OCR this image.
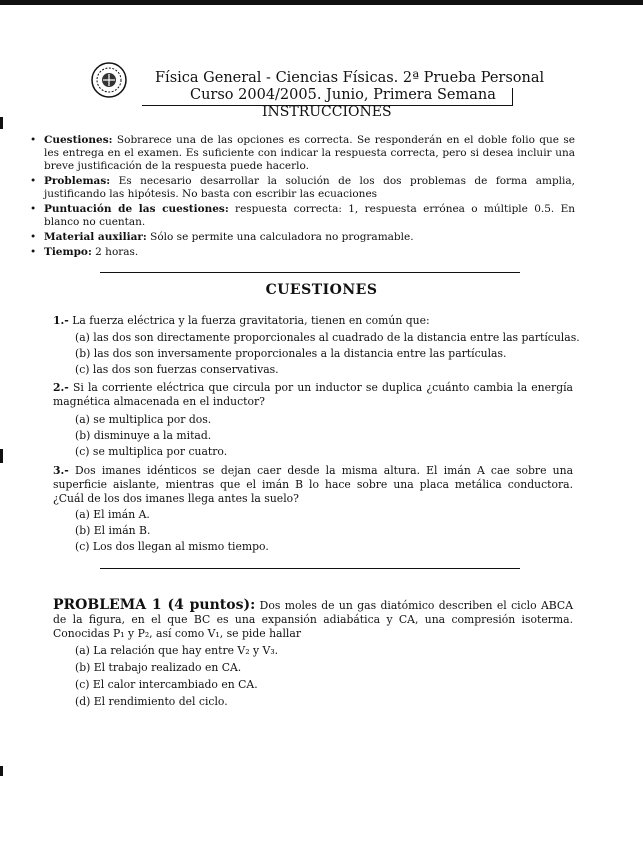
Física General - Ciencias Físicas. 2ª Prueba Personal
Curso 2004/2005. Junio, Primera Semana
INSTRUCCIONES
• Cuestiones: Sobrarece una de las opciones es correcta. Se responderán en el doble folio que se les entrega en el examen. Es suficiente con indicar la respuesta correcta, pero si desea incluir una breve justificación de la respuesta puede hacerlo.
• Problemas: Es necesario desarrollar la solución de los dos problemas de forma amplia, justificando las hipótesis. No basta con escribir las ecuaciones
• Puntuación de las cuestiones: respuesta correcta: 1, respuesta errónea o múltiple 0.5. En blanco no cuentan.
• Material auxiliar: Sólo se permite una calculadora no programable.
• Tiempo: 2 horas.
CUESTIONES
1.- La fuerza eléctrica y la fuerza gravitatoria, tienen en común que:
(a) las dos son directamente proporcionales al cuadrado de la distancia entre las partículas.
(b) las dos son inversamente proporcionales a la distancia entre las partículas.
(c) las dos son fuerzas conservativas.
2.- Si la corriente eléctrica que circula por un inductor se duplica ¿cuánto cambia la energía magnética almacenada en el inductor?
(a) se multiplica por dos.
(b) disminuye a la mitad.
(c) se multiplica por cuatro.
3.- Dos imanes idénticos se dejan caer desde la misma altura. El imán A cae sobre una superficie aislante, mientras que el imán B lo hace sobre una placa metálica conductora. ¿Cuál de los dos imanes llega antes la suelo?
(a) El imán A.
(b) El imán B.
(c) Los dos llegan al mismo tiempo.
PROBLEMA 1 (4 puntos): Dos moles de un gas diatómico describen el ciclo ABCA de la figura, en el que BC es una expansión adiabática y CA, una compresión isoterma. Conocidas P₁ y P₂, así como V₁, se pide hallar
(a) La relación que hay entre V₂ y V₃.
(b) El trabajo realizado en CA.
(c) El calor intercambiado en CA.
(d) El rendimiento del ciclo.
